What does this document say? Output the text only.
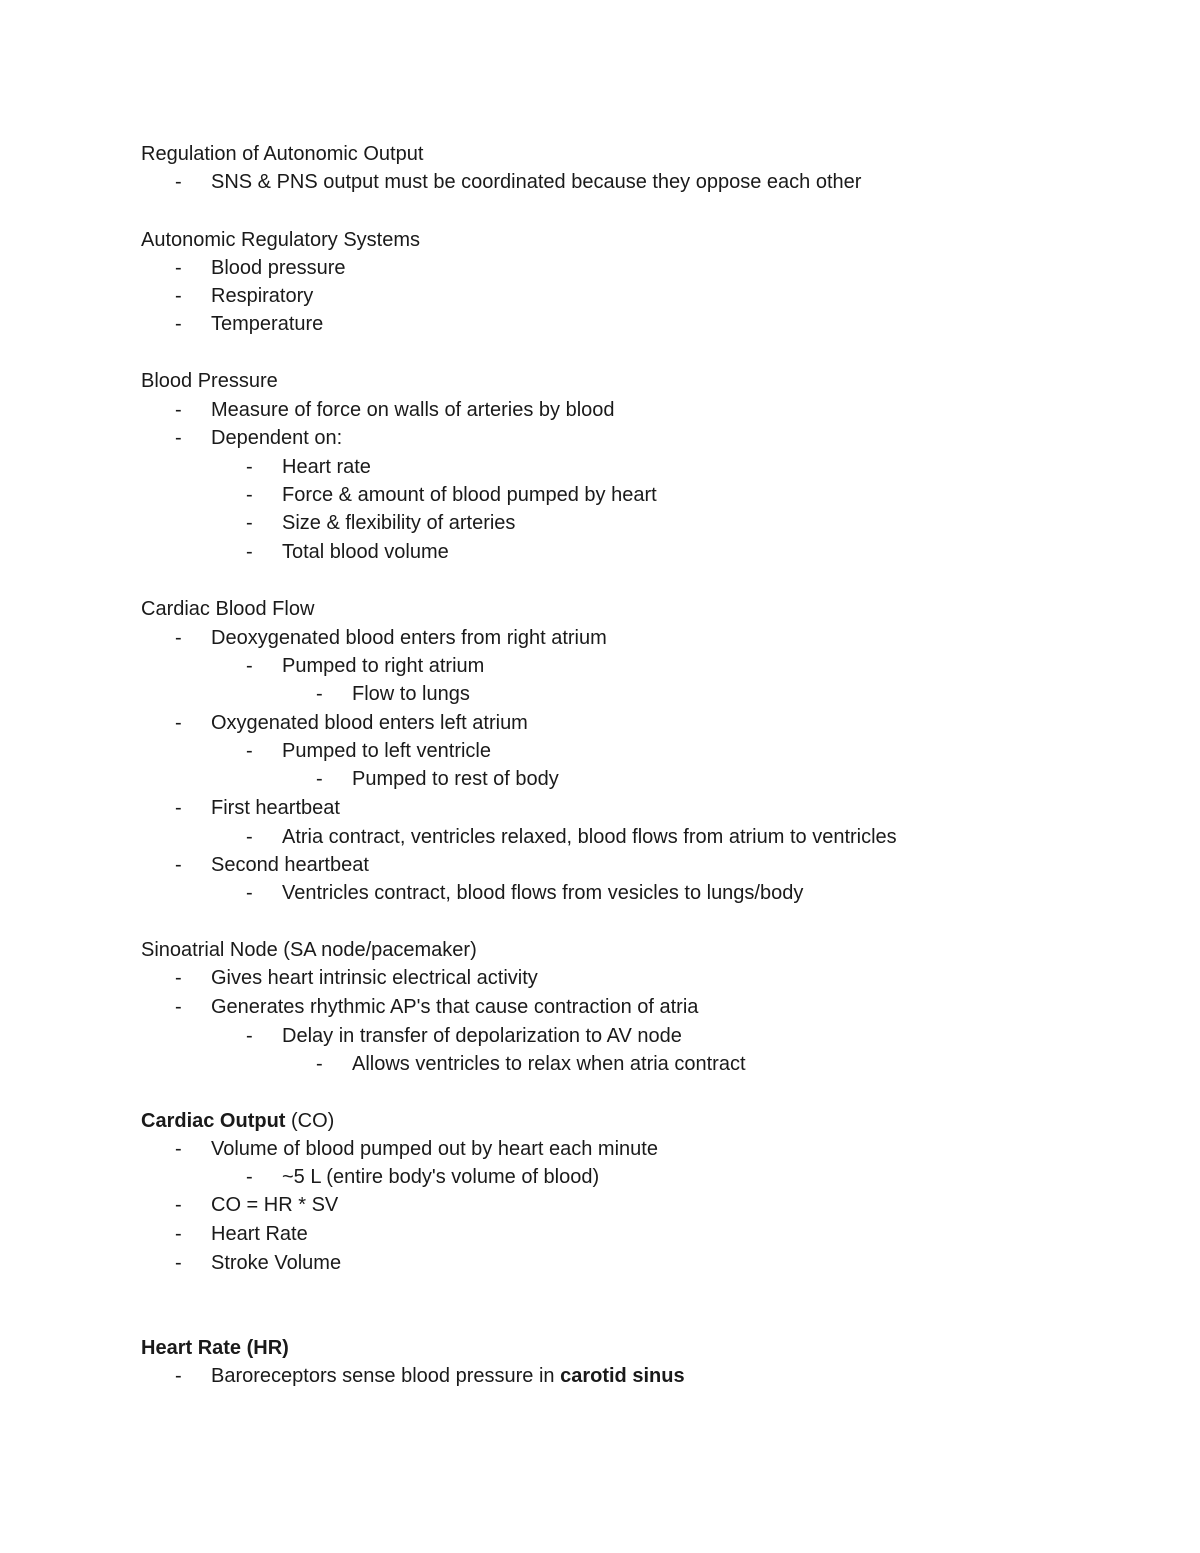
Regulation of Autonomic Output
- SNS & PNS output must be coordinated because they oppose each other
Autonomic Regulatory Systems
- Blood pressure
- Respiratory
- Temperature
Blood Pressure
- Measure of force on walls of arteries by blood
- Dependent on:
- Heart rate
- Force & amount of blood pumped by heart
- Size & flexibility of arteries
- Total blood volume
Cardiac Blood Flow
- Deoxygenated blood enters from right atrium
- Pumped to right atrium
- Flow to lungs
- Oxygenated blood enters left atrium
- Pumped to left ventricle
- Pumped to rest of body
- First heartbeat
- Atria contract, ventricles relaxed, blood flows from atrium to ventricles
- Second heartbeat
- Ventricles contract, blood flows from vesicles to lungs/body
Sinoatrial Node (SA node/pacemaker)
- Gives heart intrinsic electrical activity
- Generates rhythmic AP's that cause contraction of atria
- Delay in transfer of depolarization to AV node
- Allows ventricles to relax when atria contract
Cardiac Output (CO)
- Volume of blood pumped out by heart each minute
- ~5 L (entire body's volume of blood)
- CO = HR * SV
- Heart Rate
- Stroke Volume
Heart Rate (HR)
- Baroreceptors sense blood pressure in carotid sinus
